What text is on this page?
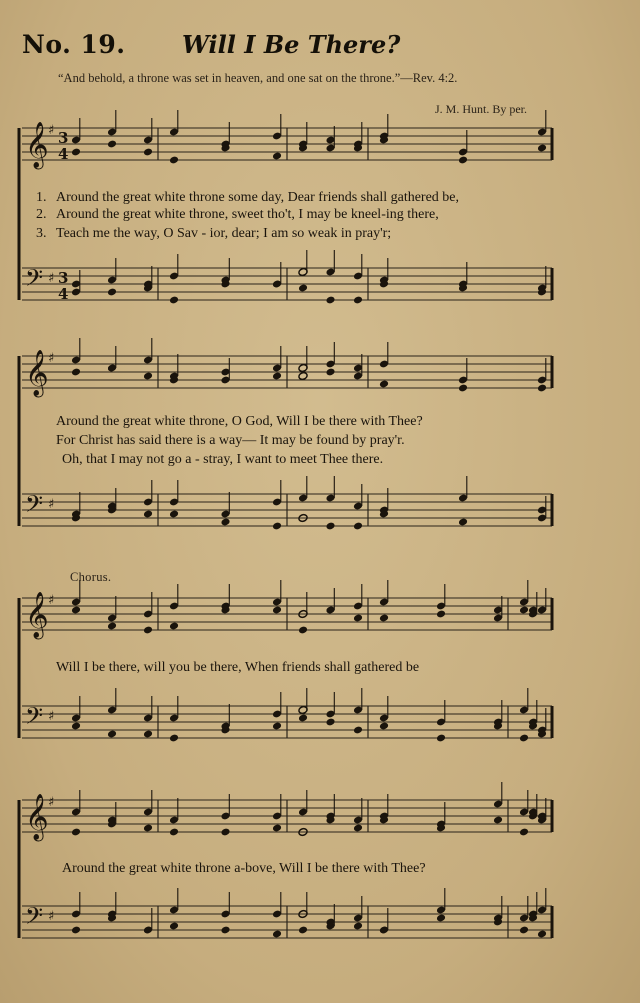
No. 19. Will I Be There?
“And behold, a throne was set in heaven, and one sat on the throne.”—Rev. 4:2.
J. M. Hunt. By per.
𝄞 ♯ 3
4
𝄢 ♯ 3
4
𝄞 ♯
𝄢 ♯
𝄞 ♯
𝄢 ♯
𝄞 ♯
𝄢 ♯
1. Around the great white throne some day, Dear friends shall gathered be,
2. Around the great white throne, sweet tho't, I may be kneel-ing there,
3. Teach me the way, O Sav - ior, dear; I am so weak in pray'r;
Around the great white throne, O God, Will I be there with Thee?
For Christ has said there is a way— It may be found by pray'r.
Oh, that I may not go a - stray, I want to meet Thee there.
Chorus.
Will I be there, will you be there, When friends shall gathered be
Around the great white throne a-bove, Will I be there with Thee?
